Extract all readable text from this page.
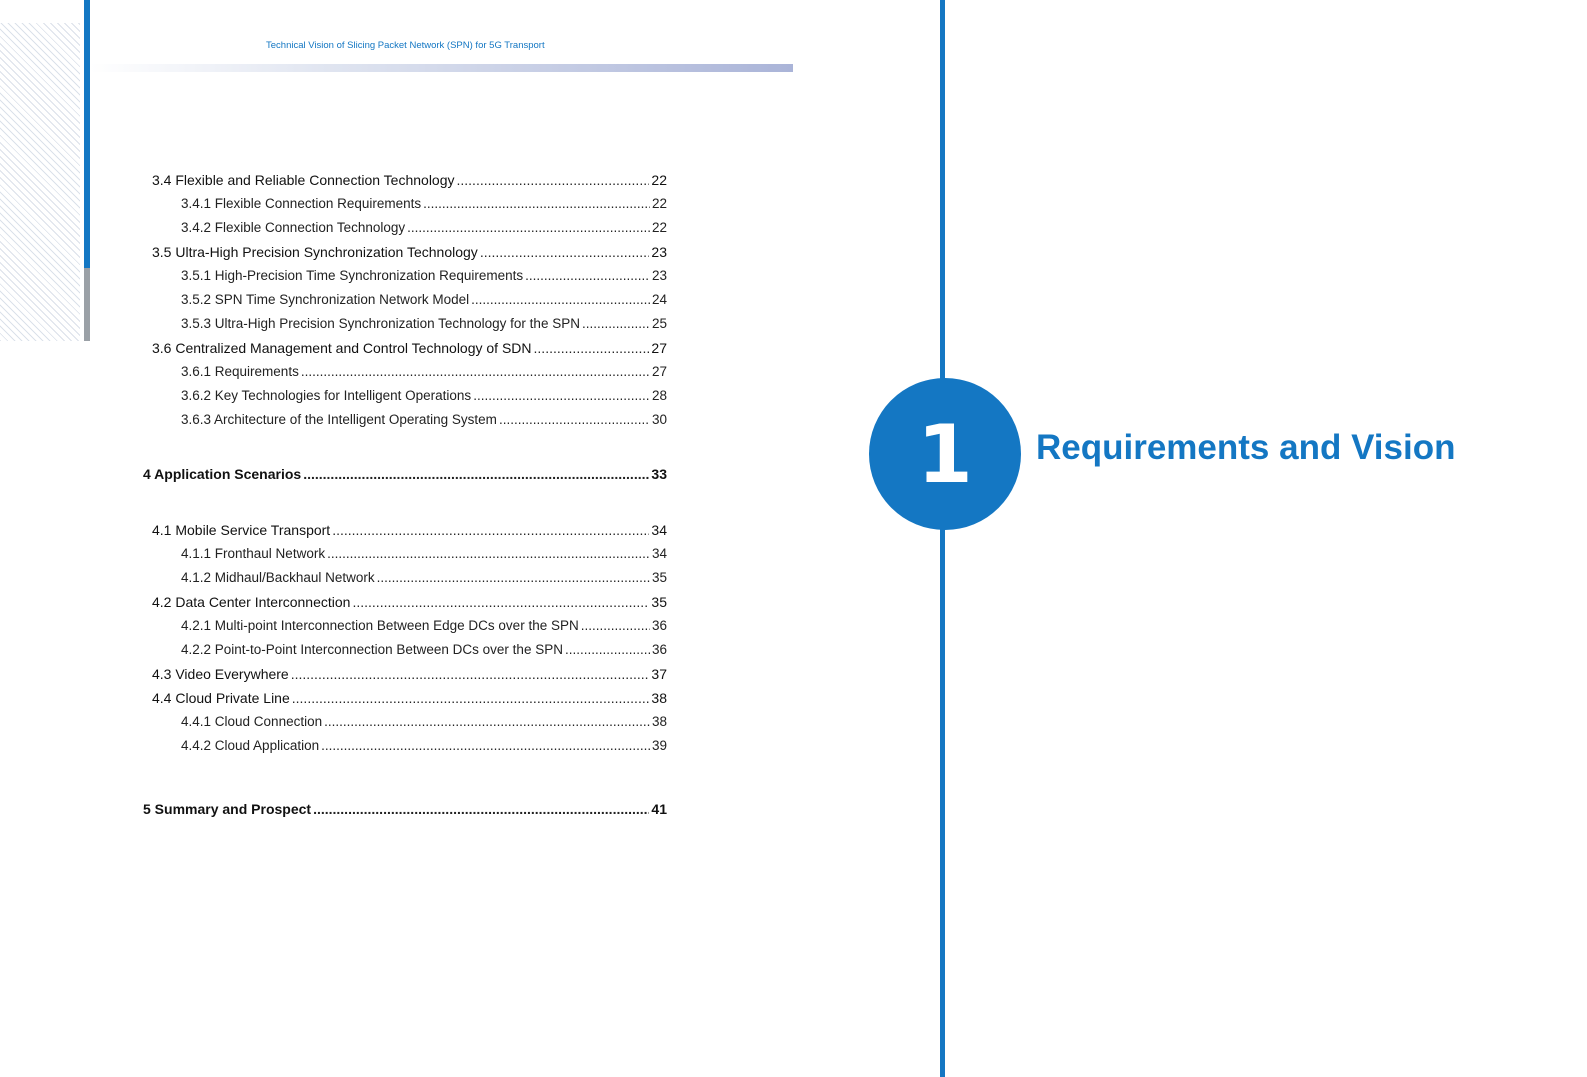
Technical Vision of Slicing Packet Network (SPN) for 5G Transport
3.4 Flexible and Reliable Connection Technology .....	22
3.4.1 Flexible Connection Requirements .....	22
3.4.2 Flexible Connection Technology .....	22
3.5 Ultra-High Precision Synchronization Technology .....	23
3.5.1 High-Precision Time Synchronization Requirements .....	23
3.5.2 SPN Time Synchronization Network Model .....	24
3.5.3 Ultra-High Precision Synchronization Technology for the SPN .....	25
3.6 Centralized Management and Control Technology of SDN .....	27
3.6.1 Requirements .....	27
3.6.2 Key Technologies for Intelligent Operations .....	28
3.6.3 Architecture of the Intelligent Operating System .....	30
4 Application Scenarios .....	33
4.1 Mobile Service Transport .....	34
4.1.1 Fronthaul Network .....	34
4.1.2 Midhaul/Backhaul Network .....	35
4.2 Data Center Interconnection .....	35
4.2.1 Multi-point Interconnection Between Edge DCs over the SPN .....	36
4.2.2 Point-to-Point Interconnection Between DCs over the SPN .....	36
4.3 Video Everywhere .....	37
4.4 Cloud Private Line .....	38
4.4.1 Cloud Connection .....	38
4.4.2 Cloud Application .....	39
5 Summary and Prospect .....	41
1	Requirements and Vision
